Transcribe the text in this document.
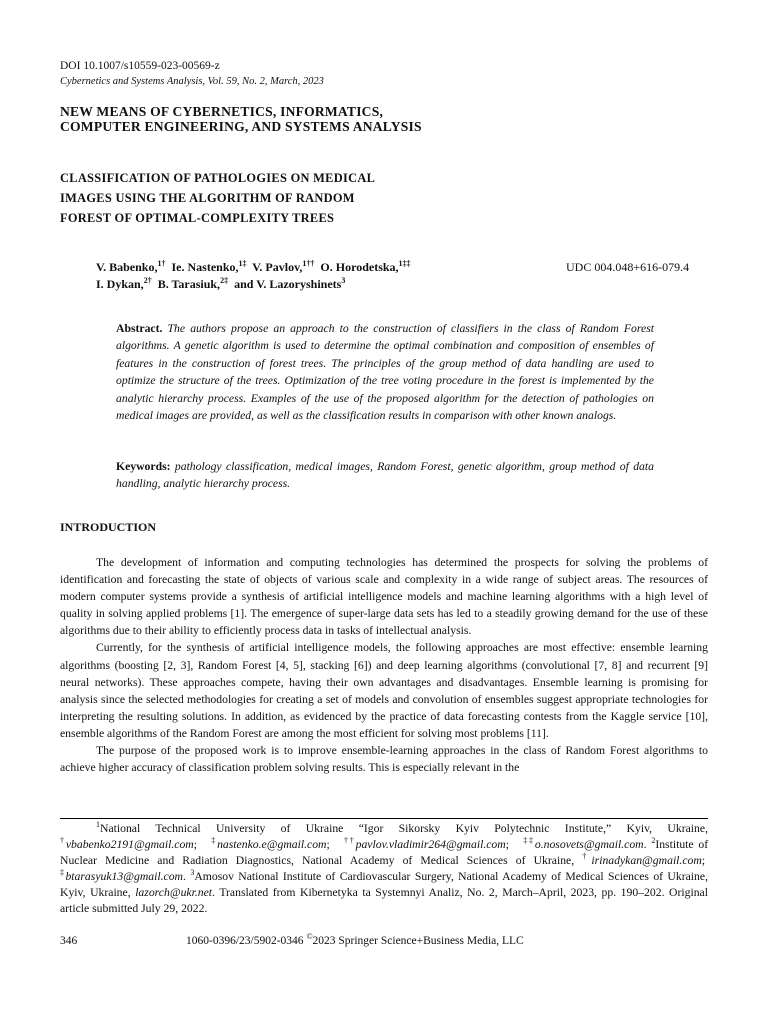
DOI 10.1007/s10559-023-00569-z
Cybernetics and Systems Analysis, Vol. 59, No. 2, March, 2023
NEW MEANS OF CYBERNETICS, INFORMATICS,
COMPUTER ENGINEERING, AND SYSTEMS ANALYSIS
CLASSIFICATION OF PATHOLOGIES ON MEDICAL
IMAGES USING THE ALGORITHM OF RANDOM
FOREST OF OPTIMAL-COMPLEXITY TREES
V. Babenko,$^{1\dagger}$ Ie. Nastenko,$^{1\ddagger}$ V. Pavlov,$^{1\dagger\dagger}$ O. Horodetska,$^{1\ddagger\ddagger}$
I. Dykan,$^{2\dagger}$ B. Tarasiuk,$^{2\ddagger}$ and V. Lazoryshinets$^3$
UDC 004.048+616-079.4
Abstract. The authors propose an approach to the construction of classifiers in the class of Random Forest algorithms. A genetic algorithm is used to determine the optimal combination and composition of ensembles of features in the construction of forest trees. The principles of the group method of data handling are used to optimize the structure of the trees. Optimization of the tree voting procedure in the forest is implemented by the analytic hierarchy process. Examples of the use of the proposed algorithm for the detection of pathologies on medical images are provided, as well as the classification results in comparison with other known analogs.
Keywords: pathology classification, medical images, Random Forest, genetic algorithm, group method of data handling, analytic hierarchy process.
INTRODUCTION

The development of information and computing technologies has determined the prospects for solving the problems of identification and forecasting the state of objects of various scale and complexity in a wide range of subject areas. The resources of modern computer systems provide a synthesis of artificial intelligence models and machine learning algorithms with a high level of quality in solving applied problems [1]. The emergence of super-large data sets has led to a steadily growing demand for the use of these algorithms due to their ability to efficiently process data in tasks of intellectual analysis.

Currently, for the synthesis of artificial intelligence models, the following approaches are most effective: ensemble learning algorithms (boosting [2, 3], Random Forest [4, 5], stacking [6]) and deep learning algorithms (convolutional [7, 8] and recurrent [9] neural networks). These approaches compete, having their own advantages and disadvantages. Ensemble learning is promising for analysis since the selected methodologies for creating a set of models and convolution of ensembles suggest appropriate technologies for interpreting the resulting solutions. In addition, as evidenced by the practice of data forecasting contests from the Kaggle service [10], ensemble algorithms of the Random Forest are among the most efficient for solving most problems [11].

The purpose of the proposed work is to improve ensemble-learning approaches in the class of Random Forest algorithms to achieve higher accuracy of classification problem solving results. This is especially relevant in the

$^1$National Technical University of Ukraine “Igor Sikorsky Kyiv Polytechnic Institute,” Kyiv, Ukraine, †vbabenko2191@gmail.com;   ‡nastenko.e@gmail.com;   ††pavlov.vladimir264@gmail.com;   ‡‡o.nosovets@gmail.com. $^2$Institute of Nuclear Medicine and Radiation Diagnostics, National Academy of Medical Sciences of Ukraine, †irinadykan@gmail.com;  ‡btarasyuk13@gmail.com. $^3$Amosov National Institute of Cardiovascular Surgery, National Academy of Medical Sciences of Ukraine, Kyiv, Ukraine, lazorch@ukr.net. Translated from Kibernetyka ta Systemnyi Analiz, No. 2, March–April, 2023, pp. 190–202. Original article submitted July 29, 2022.

346	1060-0396/23/5902-0346 ©2023 Springer Science+Business Media, LLC
